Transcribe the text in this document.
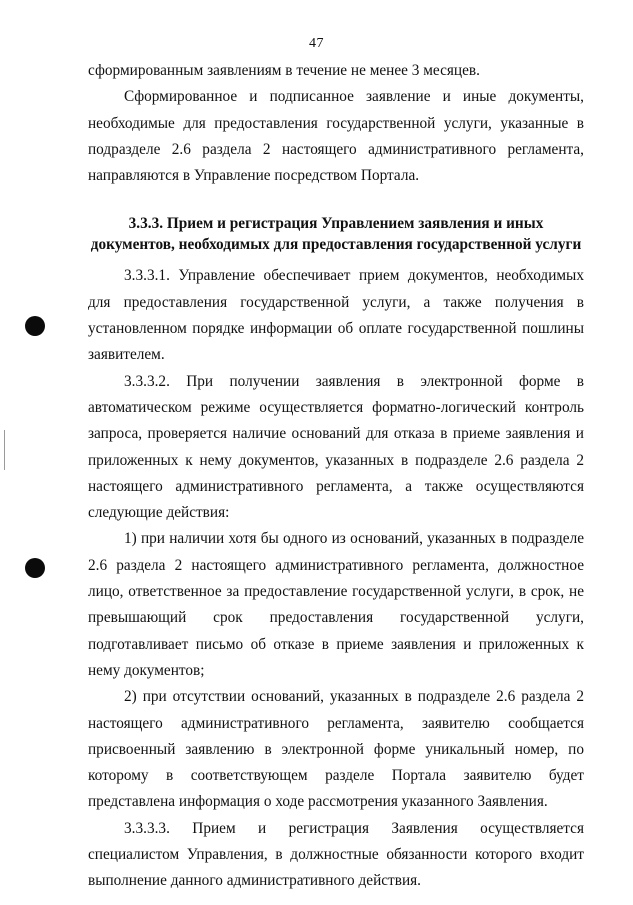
47

сформированным заявлениям в течение не менее 3 месяцев.

Сформированное и подписанное заявление и иные документы, необходимые для предоставления государственной услуги, указанные в подразделе 2.6 раздела 2 настоящего административного регламента, направляются в Управление посредством Портала.

3.3.3. Прием и регистрация Управлением заявления и иных документов, необходимых для предоставления государственной услуги

3.3.3.1. Управление обеспечивает прием документов, необходимых для предоставления государственной услуги, а также получения в установленном порядке информации об оплате государственной пошлины заявителем.

3.3.3.2. При получении заявления в электронной форме в автоматическом режиме осуществляется форматно-логический контроль запроса, проверяется наличие оснований для отказа в приеме заявления и приложенных к нему документов, указанных в подразделе 2.6 раздела 2 настоящего административного регламента, а также осуществляются следующие действия:

1) при наличии хотя бы одного из оснований, указанных в подразделе 2.6 раздела 2 настоящего административного регламента, должностное лицо, ответственное за предоставление государственной услуги, в срок, не превышающий срок предоставления государственной услуги, подготавливает письмо об отказе в приеме заявления и приложенных к нему документов;

2) при отсутствии оснований, указанных в подразделе 2.6 раздела 2 настоящего административного регламента, заявителю сообщается присвоенный заявлению в электронной форме уникальный номер, по которому в соответствующем разделе Портала заявителю будет представлена информация о ходе рассмотрения указанного Заявления.

3.3.3.3. Прием и регистрация Заявления осуществляется специалистом Управления, в должностные обязанности которого входит выполнение данного административного действия.
